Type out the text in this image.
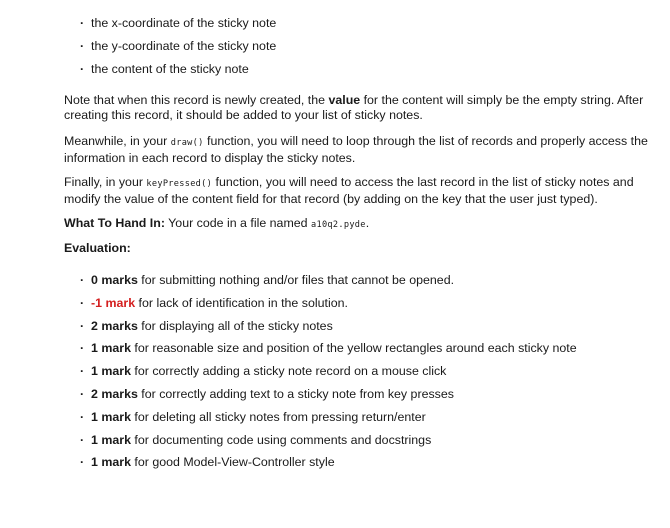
· the x-coordinate of the sticky note
· the y-coordinate of the sticky note
· the content of the sticky note

Note that when this record is newly created, the value for the content will simply be the empty string. After creating this record, it should be added to your list of sticky notes.

Meanwhile, in your draw() function, you will need to loop through the list of records and properly access the information in each record to display the sticky notes.

Finally, in your keyPressed() function, you will need to access the last record in the list of sticky notes and modify the value of the content field for that record (by adding on the key that the user just typed).

What To Hand In: Your code in a file named a10q2.pyde.

Evaluation:

· 0 marks for submitting nothing and/or files that cannot be opened.
· -1 mark for lack of identification in the solution.
· 2 marks for displaying all of the sticky notes
· 1 mark for reasonable size and position of the yellow rectangles around each sticky note
· 1 mark for correctly adding a sticky note record on a mouse click
· 2 marks for correctly adding text to a sticky note from key presses
· 1 mark for deleting all sticky notes from pressing return/enter
· 1 mark for documenting code using comments and docstrings
· 1 mark for good Model-View-Controller style
